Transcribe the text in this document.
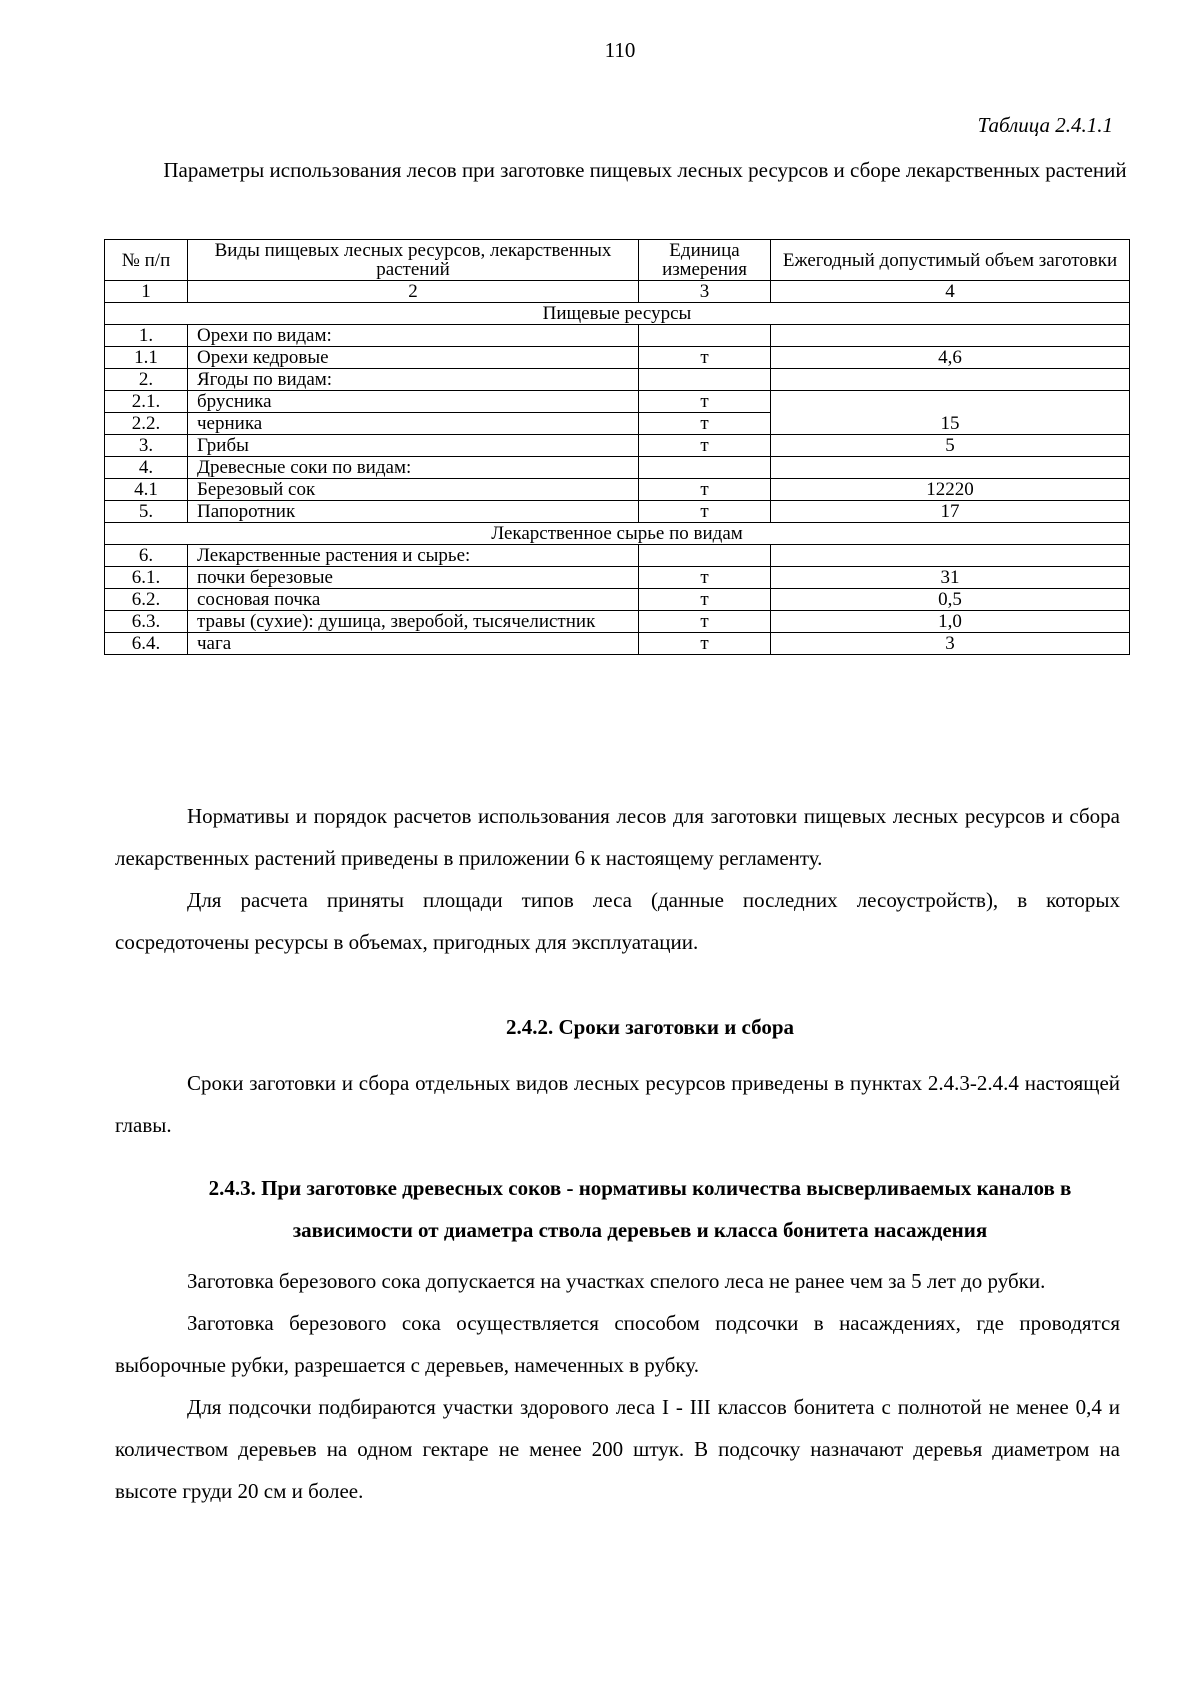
110
Таблица 2.4.1.1
Параметры использования лесов при заготовке пищевых лесных ресурсов и сборе лекарственных растений
№ п/п	Виды пищевых лесных ресурсов, лекарственных растений	Единица измерения	Ежегодный допустимый объем заготовки
1	2	3	4
Пищевые ресурсы			
1.	Орехи по видам:		
1.1	Орехи кедровые	т	4,6
2.	Ягоды по видам:		
2.1.	брусника	т	15
2.2.	черника	т	
3.	Грибы	т	5
4.	Древесные соки по видам:		
4.1	Березовый сок	т	12220
5.	Папоротник	т	17
Лекарственное сырье по видам			
6.	Лекарственные растения и сырье:		
6.1.	почки березовые	т	31
6.2.	сосновая почка	т	0,5
6.3.	травы (сухие): душица, зверобой, тысячелистник	т	1,0
6.4.	чага	т	3

Нормативы и порядок расчетов использования лесов для заготовки пищевых лесных ресурсов и сбора лекарственных растений приведены в приложении 6 к настоящему регламенту.

Для расчета приняты площади типов леса (данные последних лесоустройств), в которых сосредоточены ресурсы в объемах, пригодных для эксплуатации.

2.4.2. Сроки заготовки и сбора

Сроки заготовки и сбора отдельных видов лесных ресурсов приведены в пунктах 2.4.3-2.4.4 настоящей главы.

2.4.3. При заготовке древесных соков - нормативы количества высверливаемых каналов в зависимости от диаметра ствола деревьев и класса бонитета насаждения

Заготовка березового сока допускается на участках спелого леса не ранее чем за 5 лет до рубки.

Заготовка березового сока осуществляется способом подсочки в насаждениях, где проводятся выборочные рубки, разрешается с деревьев, намеченных в рубку.

Для подсочки подбираются участки здорового леса I - III классов бонитета с полнотой не менее 0,4 и количеством деревьев на одном гектаре не менее 200 штук. В подсочку назначают деревья диаметром на высоте груди 20 см и более.
